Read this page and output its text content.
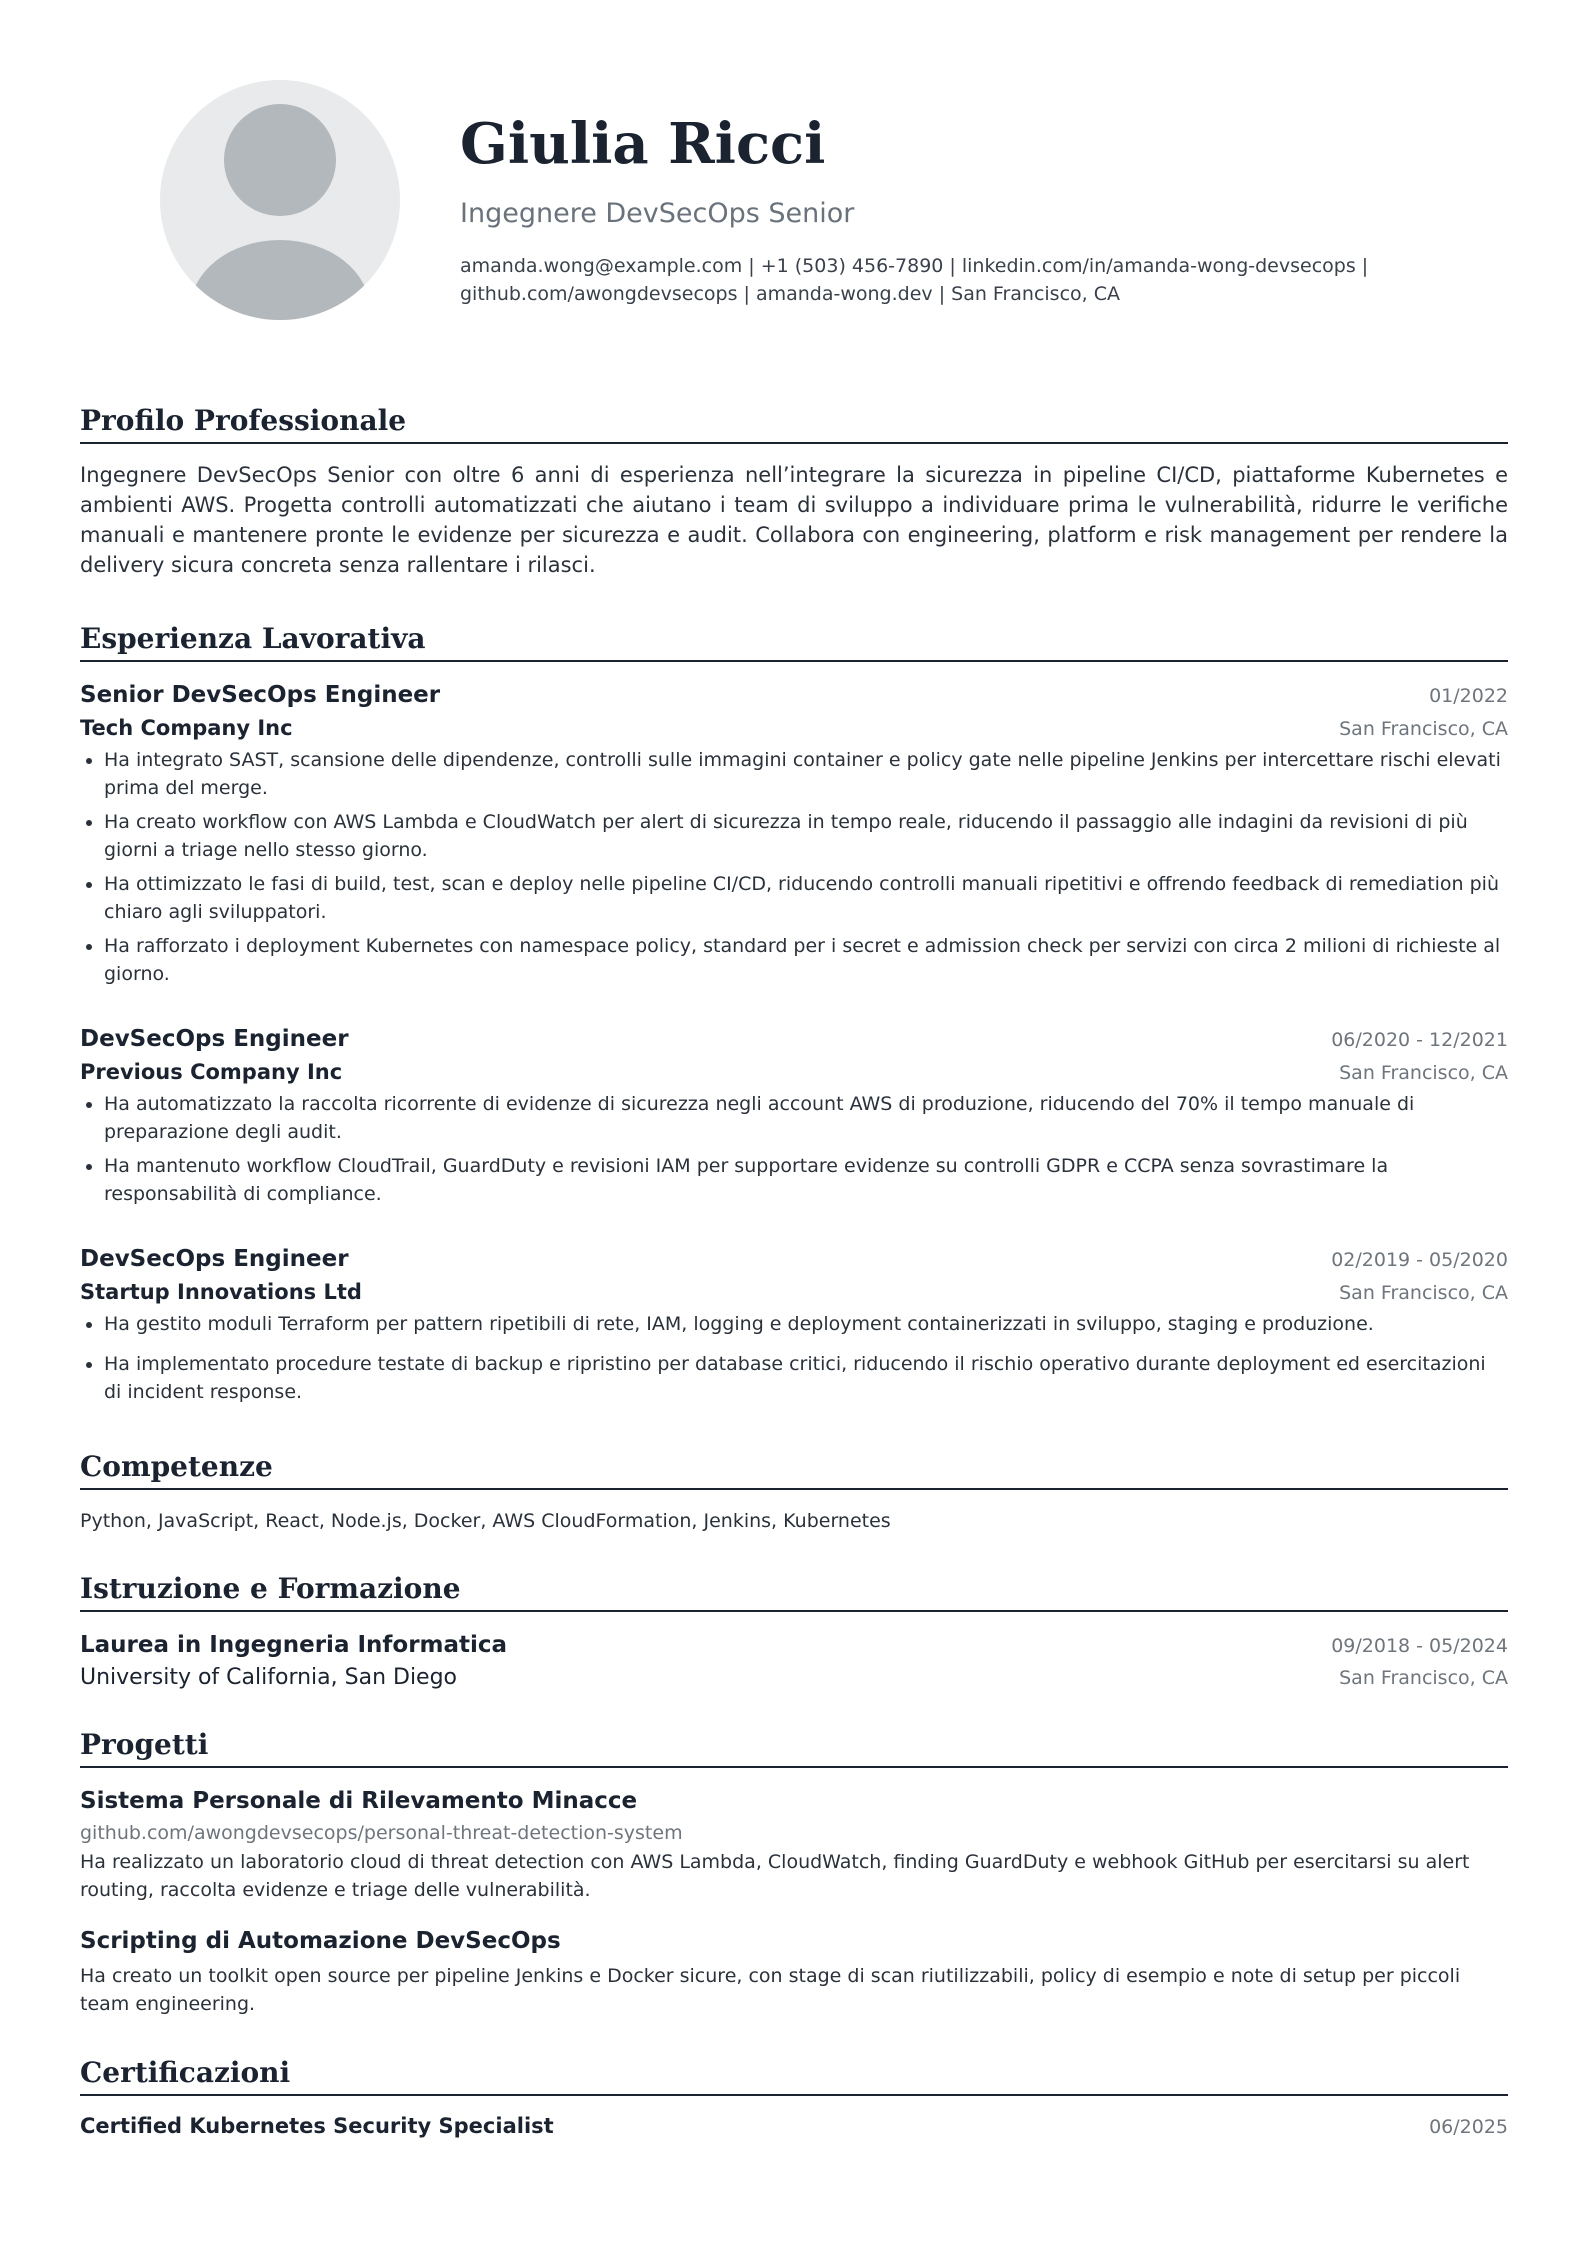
Giulia Ricci
Ingegnere DevSecOps Senior
amanda.wong@example.com | +1 (503) 456-7890 | linkedin.com/in/amanda-wong-devsecops |
github.com/awongdevsecops | amanda-wong.dev | San Francisco, CA
Profilo Professionale

Ingegnere DevSecOps Senior con oltre 6 anni di esperienza nell’integrare la sicurezza in pipeline CI/CD, piattaforme Kubernetes e ambienti AWS. Progetta controlli automatizzati che aiutano i team di sviluppo a individuare prima le vulnerabilità, ridurre le verifiche manuali e mantenere pronte le evidenze per sicurezza e audit. Collabora con engineering, platform e risk management per rendere la delivery sicura concreta senza rallentare i rilasci.

Esperienza Lavorativa
Senior DevSecOps Engineer	01/2022
Tech Company Inc	San Francisco, CA
• Ha integrato SAST, scansione delle dipendenze, controlli sulle immagini container e policy gate nelle pipeline Jenkins per intercettare rischi elevati prima del merge.
• Ha creato workflow con AWS Lambda e CloudWatch per alert di sicurezza in tempo reale, riducendo il passaggio alle indagini da revisioni di più giorni a triage nello stesso giorno.
• Ha ottimizzato le fasi di build, test, scan e deploy nelle pipeline CI/CD, riducendo controlli manuali ripetitivi e offrendo feedback di remediation più chiaro agli sviluppatori.
• Ha rafforzato i deployment Kubernetes con namespace policy, standard per i secret e admission check per servizi con circa 2 milioni di richieste al giorno.
DevSecOps Engineer	06/2020 - 12/2021
Previous Company Inc	San Francisco, CA
• Ha automatizzato la raccolta ricorrente di evidenze di sicurezza negli account AWS di produzione, riducendo del 70% il tempo manuale di preparazione degli audit.
• Ha mantenuto workflow CloudTrail, GuardDuty e revisioni IAM per supportare evidenze su controlli GDPR e CCPA senza sovrastimare la responsabilità di compliance.
DevSecOps Engineer	02/2019 - 05/2020
Startup Innovations Ltd	San Francisco, CA
• Ha gestito moduli Terraform per pattern ripetibili di rete, IAM, logging e deployment containerizzati in sviluppo, staging e produzione.
• Ha implementato procedure testate di backup e ripristino per database critici, riducendo il rischio operativo durante deployment ed esercitazioni di incident response.
Competenze
Python, JavaScript, React, Node.js, Docker, AWS CloudFormation, Jenkins, Kubernetes
Istruzione e Formazione
Laurea in Ingegneria Informatica	09/2018 - 05/2024
University of California, San Diego	San Francisco, CA
Progetti
Sistema Personale di Rilevamento Minacce
github.com/awongdevsecops/personal-threat-detection-system
Ha realizzato un laboratorio cloud di threat detection con AWS Lambda, CloudWatch, finding GuardDuty e webhook GitHub per esercitarsi su alert routing, raccolta evidenze e triage delle vulnerabilità.
Scripting di Automazione DevSecOps
Ha creato un toolkit open source per pipeline Jenkins e Docker sicure, con stage di scan riutilizzabili, policy di esempio e note di setup per piccoli team engineering.
Certificazioni
Certified Kubernetes Security Specialist	06/2025
